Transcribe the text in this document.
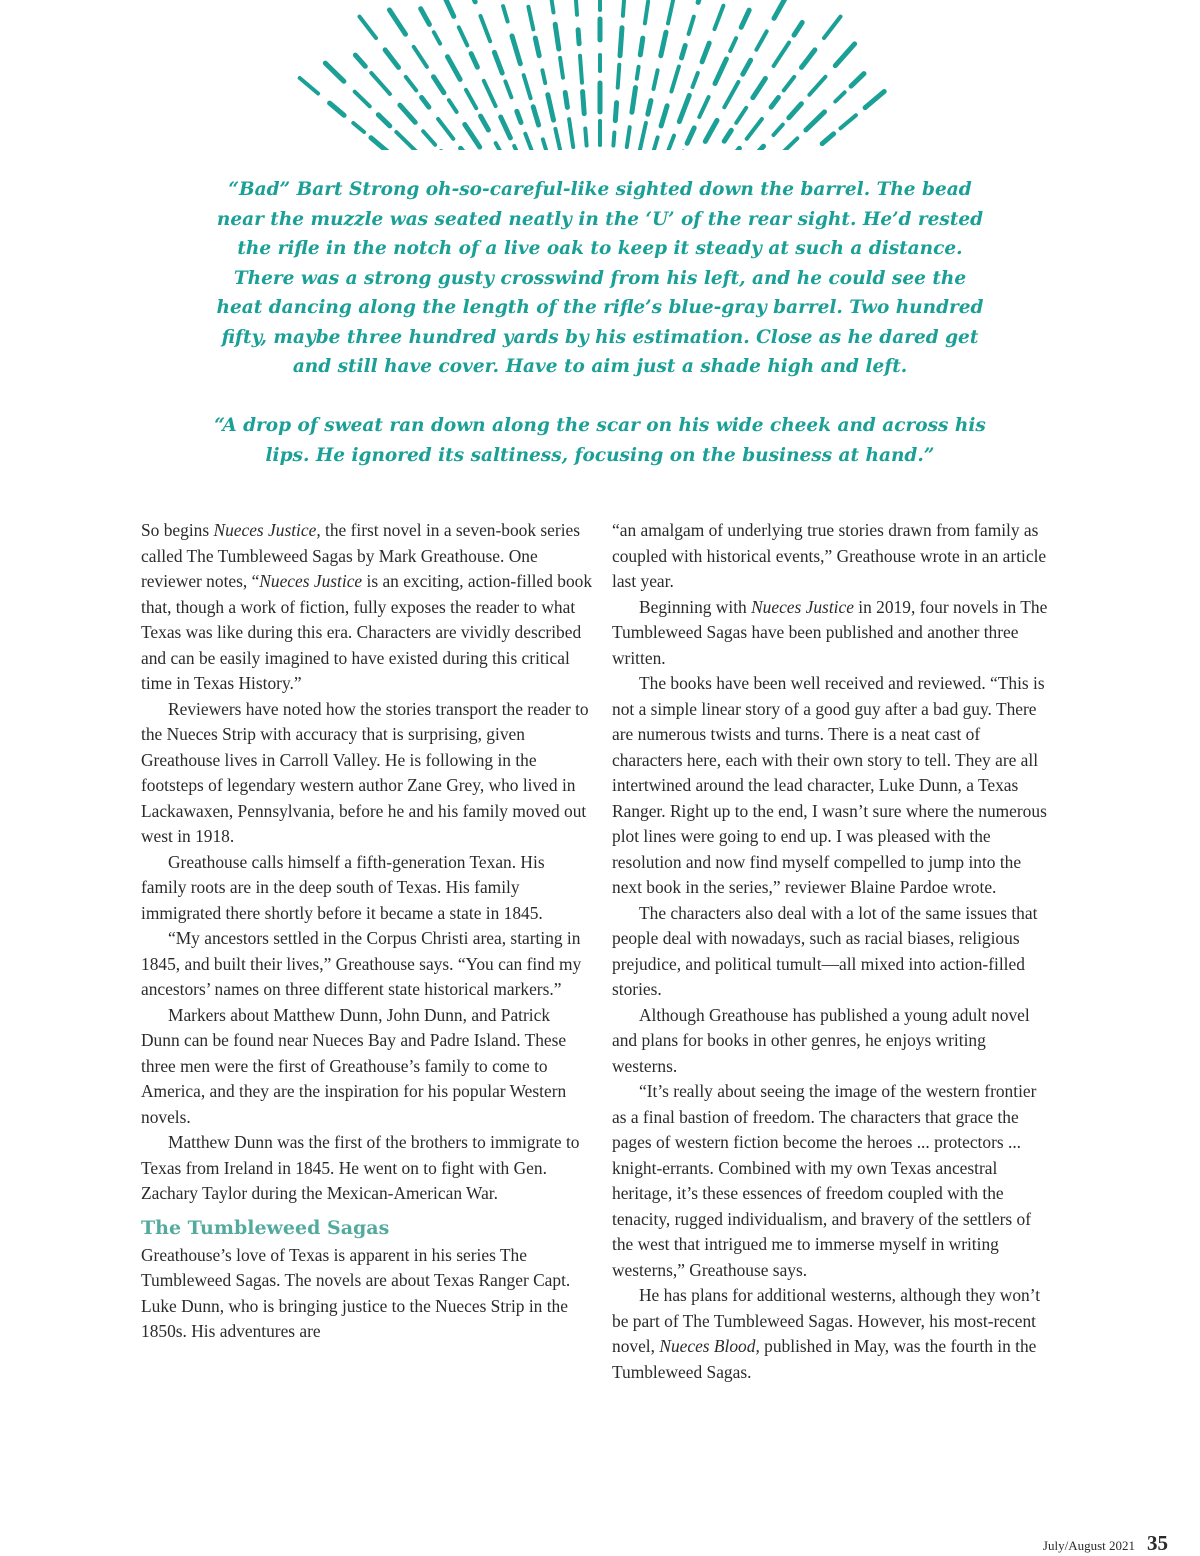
“Bad” Bart Strong oh-so-careful-like sighted down the barrel. The bead near the muzzle was seated neatly in the ‘U’ of the rear sight. He’d rested the rifle in the notch of a live oak to keep it steady at such a distance. There was a strong gusty crosswind from his left, and he could see the heat dancing along the length of the rifle’s blue-gray barrel. Two hundred fifty, maybe three hundred yards by his estimation. Close as he dared get and still have cover. Have to aim just a shade high and left.

“A drop of sweat ran down along the scar on his wide cheek and across his lips. He ignored its saltiness, focusing on the business at hand.”

So begins Nueces Justice, the first novel in a seven-book series called The Tumbleweed Sagas by Mark Greathouse. One reviewer notes, “Nueces Justice is an exciting, action-filled book that, though a work of fiction, fully exposes the reader to what Texas was like during this era. Characters are vividly described and can be easily imagined to have existed during this critical time in Texas History.”

Reviewers have noted how the stories transport the reader to the Nueces Strip with accuracy that is surprising, given Greathouse lives in Carroll Valley. He is following in the footsteps of legendary western author Zane Grey, who lived in Lackawaxen, Pennsylvania, before he and his family moved out west in 1918.

Greathouse calls himself a fifth-generation Texan. His family roots are in the deep south of Texas. His family immigrated there shortly before it became a state in 1845.

“My ancestors settled in the Corpus Christi area, starting in 1845, and built their lives,” Greathouse says. “You can find my ancestors’ names on three different state historical markers.”

Markers about Matthew Dunn, John Dunn, and Patrick Dunn can be found near Nueces Bay and Padre Island. These three men were the first of Greathouse’s family to come to America, and they are the inspiration for his popular Western novels.

Matthew Dunn was the first of the brothers to immigrate to Texas from Ireland in 1845. He went on to fight with Gen. Zachary Taylor during the Mexican-American War.

The Tumbleweed Sagas

Greathouse’s love of Texas is apparent in his series The Tumbleweed Sagas. The novels are about Texas Ranger Capt. Luke Dunn, who is bringing justice to the Nueces Strip in the 1850s. His adventures are

“an amalgam of underlying true stories drawn from family as coupled with historical events,” Greathouse wrote in an article last year.

Beginning with Nueces Justice in 2019, four novels in The Tumbleweed Sagas have been published and another three written.

The books have been well received and reviewed. “This is not a simple linear story of a good guy after a bad guy. There are numerous twists and turns. There is a neat cast of characters here, each with their own story to tell. They are all intertwined around the lead character, Luke Dunn, a Texas Ranger. Right up to the end, I wasn’t sure where the numerous plot lines were going to end up. I was pleased with the resolution and now find myself compelled to jump into the next book in the series,” reviewer Blaine Pardoe wrote.

The characters also deal with a lot of the same issues that people deal with nowadays, such as racial biases, religious prejudice, and political tumult—all mixed into action-filled stories.

Although Greathouse has published a young adult novel and plans for books in other genres, he enjoys writing westerns.

“It’s really about seeing the image of the western frontier as a final bastion of freedom. The characters that grace the pages of western fiction become the heroes ... protectors ... knight-errants. Combined with my own Texas ancestral heritage, it’s these essences of freedom coupled with the tenacity, rugged individualism, and bravery of the settlers of the west that intrigued me to immerse myself in writing westerns,” Greathouse says.

He has plans for additional westerns, although they won’t be part of The Tumbleweed Sagas. However, his most-recent novel, Nueces Blood, published in May, was the fourth in the Tumbleweed Sagas.

July/August 2021 35
